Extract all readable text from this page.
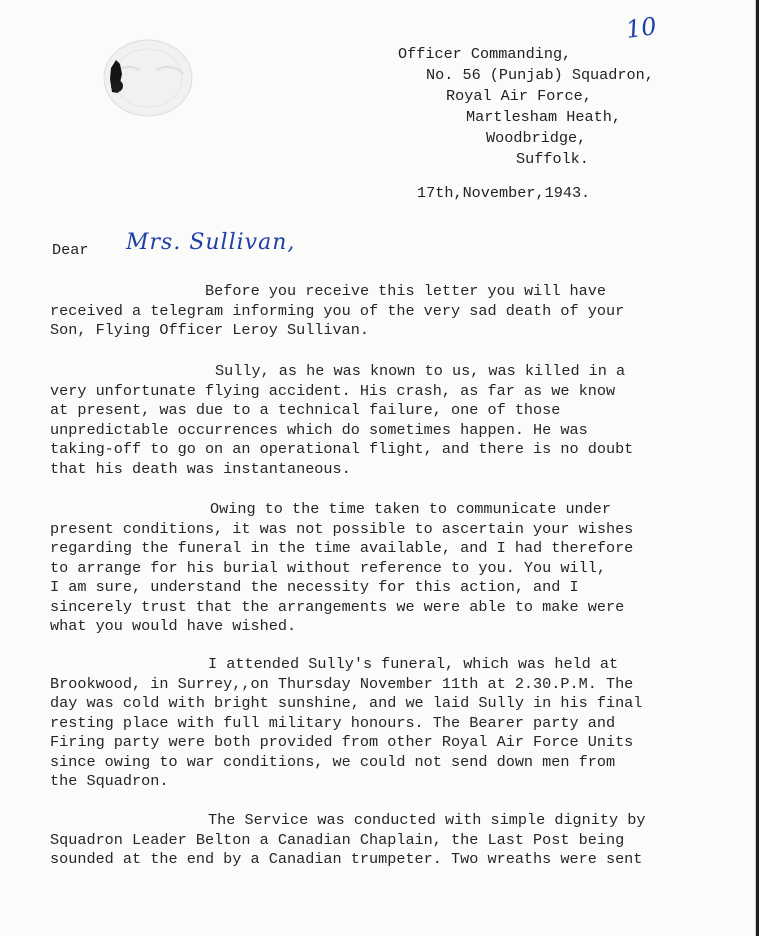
10
Officer Commanding,
No. 56 (Punjab) Squadron,
Royal Air Force,
Martlesham Heath,
Woodbridge,
Suffolk.
17th,November,1943.
Dear Mrs. Sullivan,
Before you receive this letter you will have
received a telegram informing you of the very sad death of your
Son, Flying Officer Leroy Sullivan.
Sully, as he was known to us, was killed in a
very unfortunate flying accident. His crash, as far as we know
at present, was due to a technical failure, one of those
unpredictable occurrences which do sometimes happen. He was
taking-off to go on an operational flight, and there is no doubt
that his death was instantaneous.
Owing to the time taken to communicate under
present conditions, it was not possible to ascertain your wishes
regarding the funeral in the time available, and I had therefore
to arrange for his burial without reference to you. You will,
I am sure, understand the necessity for this action, and I
sincerely trust that the arrangements we were able to make were
what you would have wished.
I attended Sully's funeral, which was held at
Brookwood, in Surrey,,on Thursday November 11th at 2.30.P.M. The
day was cold with bright sunshine, and we laid Sully in his final
resting place with full military honours. The Bearer party and
Firing party were both provided from other Royal Air Force Units
since owing to war conditions, we could not send down men from
the Squadron.
The Service was conducted with simple dignity by
Squadron Leader Belton a Canadian Chaplain, the Last Post being
sounded at the end by a Canadian trumpeter. Two wreaths were sent
